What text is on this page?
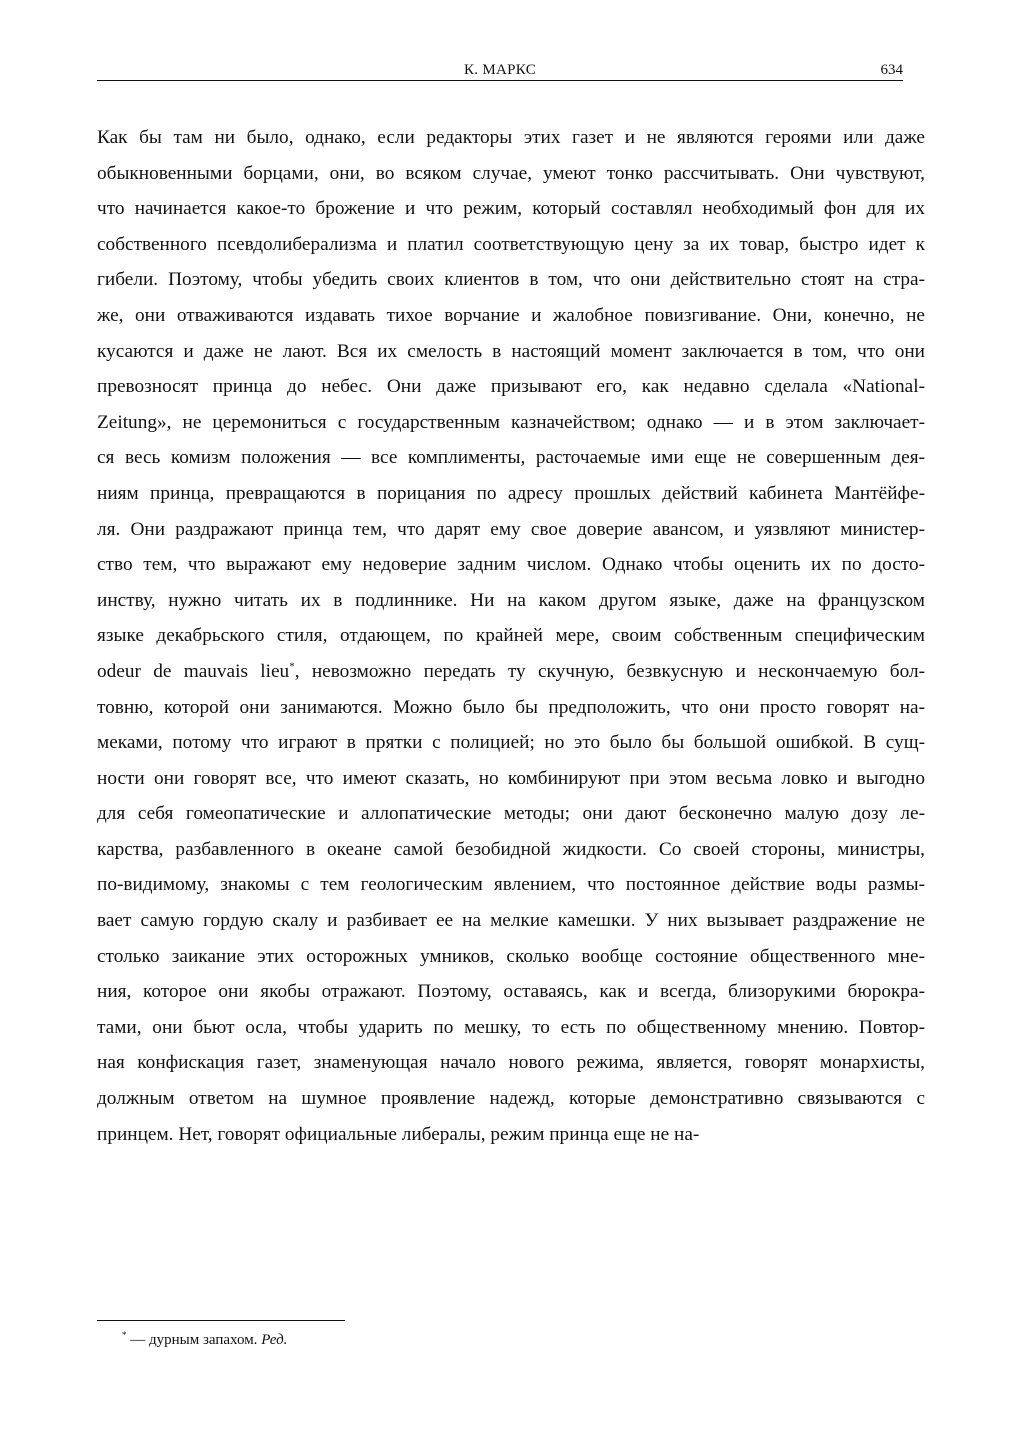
К. МАРКС	634
Как бы там ни было, однако, если редакторы этих газет и не являются героями или даже
обыкновенными борцами, они, во всяком случае, умеют тонко рассчитывать. Они чувствуют,
что начинается какое-то брожение и что режим, который составлял необходимый фон для их
собственного псевдолиберализма и платил соответствующую цену за их товар, быстро идет к
гибели. Поэтому, чтобы убедить своих клиентов в том, что они действительно стоят на стра-
же, они отваживаются издавать тихое ворчание и жалобное повизгивание. Они, конечно, не
кусаются и даже не лают. Вся их смелость в настоящий момент заключается в том, что они
превозносят принца до небес. Они даже призывают его, как недавно сделала «National-
Zeitung», не церемониться с государственным казначейством; однако — и в этом заключает-
ся весь комизм положения — все комплименты, расточаемые ими еще не совершенным дея-
ниям принца, превращаются в порицания по адресу прошлых действий кабинета Мантёйфе-
ля. Они раздражают принца тем, что дарят ему свое доверие авансом, и уязвляют министер-
ство тем, что выражают ему недоверие задним числом. Однако чтобы оценить их по досто-
инству, нужно читать их в подлиннике. Ни на каком другом языке, даже на французском
языке декабрьского стиля, отдающем, по крайней мере, своим собственным специфическим
odeur de mauvais lieu*, невозможно передать ту скучную, безвкусную и нескончаемую бол-
товню, которой они занимаются. Можно было бы предположить, что они просто говорят на-
меками, потому что играют в прятки с полицией; но это было бы большой ошибкой. В сущ-
ности они говорят все, что имеют сказать, но комбинируют при этом весьма ловко и выгодно
для себя гомеопатические и аллопатические методы; они дают бесконечно малую дозу ле-
карства, разбавленного в океане самой безобидной жидкости. Со своей стороны, министры,
по-видимому, знакомы с тем геологическим явлением, что постоянное действие воды размы-
вает самую гордую скалу и разбивает ее на мелкие камешки. У них вызывает раздражение не
столько заикание этих осторожных умников, сколько вообще состояние общественного мне-
ния, которое они якобы отражают. Поэтому, оставаясь, как и всегда, близорукими бюрокра-
тами, они бьют осла, чтобы ударить по мешку, то есть по общественному мнению. Повтор-
ная конфискация газет, знаменующая начало нового режима, является, говорят монархисты,
должным ответом на шумное проявление надежд, которые демонстративно связываются с
принцем. Нет, говорят официальные либералы, режим принца еще не на-
* — дурным запахом. Ред.
